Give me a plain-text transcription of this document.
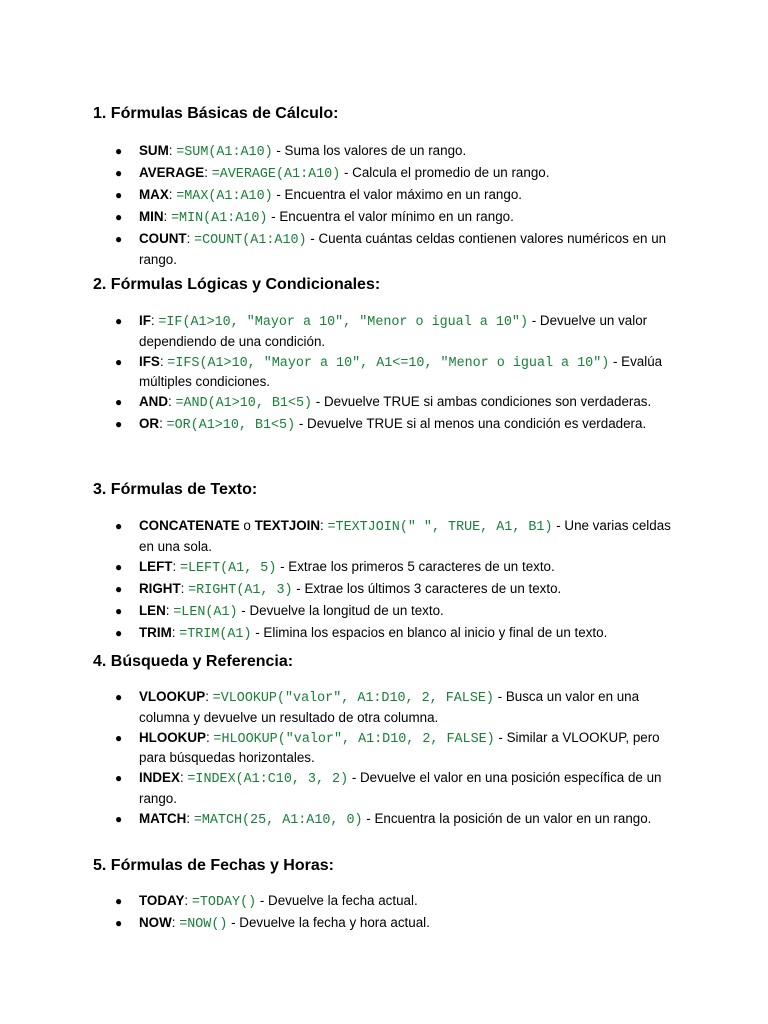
1. Fórmulas Básicas de Cálculo:
● SUM: =SUM(A1:A10) - Suma los valores de un rango.
● AVERAGE: =AVERAGE(A1:A10) - Calcula el promedio de un rango.
● MAX: =MAX(A1:A10) - Encuentra el valor máximo en un rango.
● MIN: =MIN(A1:A10) - Encuentra el valor mínimo en un rango.
● COUNT: =COUNT(A1:A10) - Cuenta cuántas celdas contienen valores numéricos en un rango.
2. Fórmulas Lógicas y Condicionales:
● IF: =IF(A1>10, "Mayor a 10", "Menor o igual a 10") - Devuelve un valor dependiendo de una condición.
● IFS: =IFS(A1>10, "Mayor a 10", A1<=10, "Menor o igual a 10") - Evalúa múltiples condiciones.
● AND: =AND(A1>10, B1<5) - Devuelve TRUE si ambas condiciones son verdaderas.
● OR: =OR(A1>10, B1<5) - Devuelve TRUE si al menos una condición es verdadera.
3. Fórmulas de Texto:
● CONCATENATE o TEXTJOIN: =TEXTJOIN(" ", TRUE, A1, B1) - Une varias celdas en una sola.
● LEFT: =LEFT(A1, 5) - Extrae los primeros 5 caracteres de un texto.
● RIGHT: =RIGHT(A1, 3) - Extrae los últimos 3 caracteres de un texto.
● LEN: =LEN(A1) - Devuelve la longitud de un texto.
● TRIM: =TRIM(A1) - Elimina los espacios en blanco al inicio y final de un texto.
4. Búsqueda y Referencia:
● VLOOKUP: =VLOOKUP("valor", A1:D10, 2, FALSE) - Busca un valor en una columna y devuelve un resultado de otra columna.
● HLOOKUP: =HLOOKUP("valor", A1:D10, 2, FALSE) - Similar a VLOOKUP, pero para búsquedas horizontales.
● INDEX: =INDEX(A1:C10, 3, 2) - Devuelve el valor en una posición específica de un rango.
● MATCH: =MATCH(25, A1:A10, 0) - Encuentra la posición de un valor en un rango.
5. Fórmulas de Fechas y Horas:
● TODAY: =TODAY() - Devuelve la fecha actual.
● NOW: =NOW() - Devuelve la fecha y hora actual.
